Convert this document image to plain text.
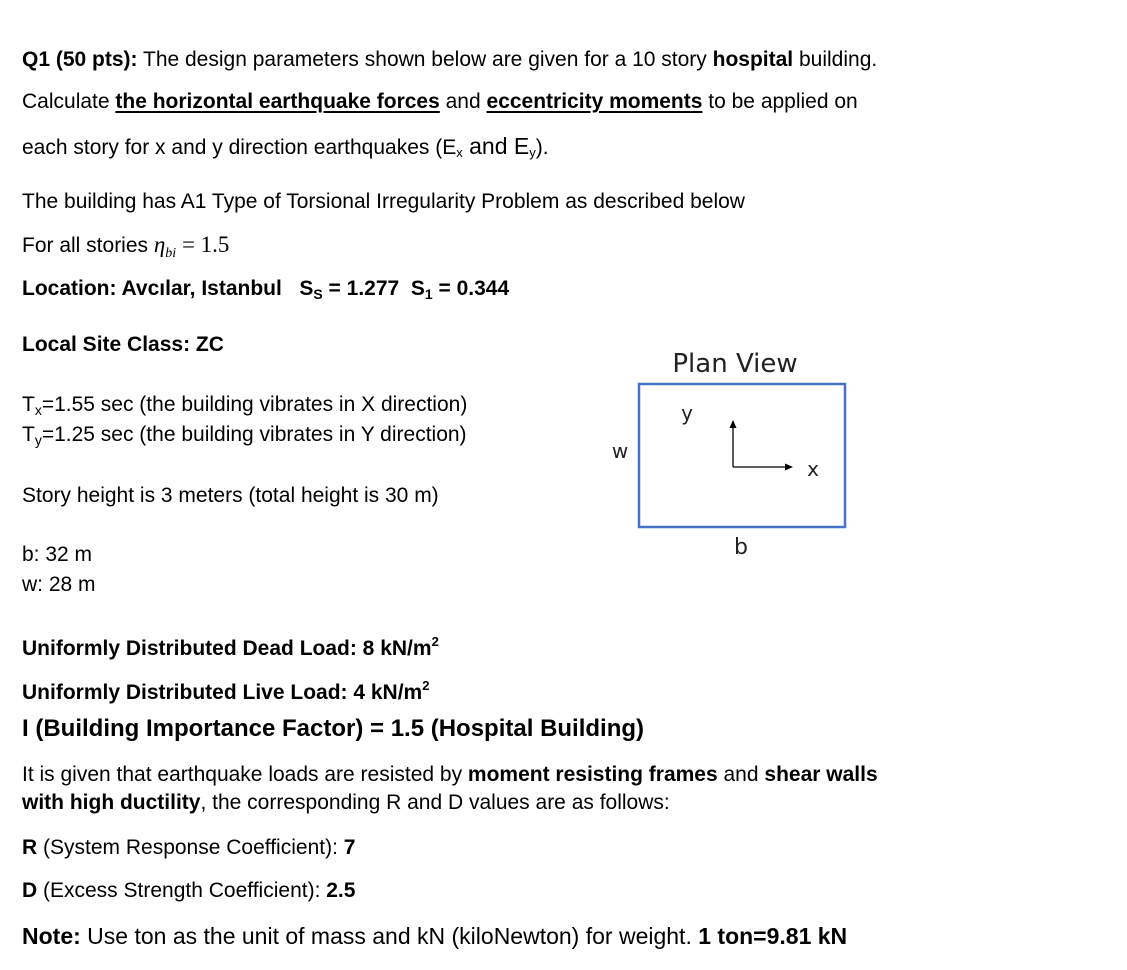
Q1 (50 pts): The design parameters shown below are given for a 10 story hospital building.
Calculate the horizontal earthquake forces and eccentricity moments to be applied on
each story for x and y direction earthquakes (Ex and Ey).
The building has A1 Type of Torsional Irregularity Problem as described below
For all stories $\eta_{bi} = 1.5$
Location: Avcılar, Istanbul $S_S = 1.277$ $S_1 = 0.344$
Local Site Class: ZC
$T_x=1.55$ sec (the building vibrates in X direction)
$T_y=1.25$ sec (the building vibrates in Y direction)
Story height is 3 meters (total height is 30 m)
b: 32 m
w: 28 m
Uniformly Distributed Dead Load: 8 $kN/m^2$
Uniformly Distributed Live Load: 4 $kN/m^2$
I (Building Importance Factor) = 1.5 (Hospital Building)
It is given that earthquake loads are resisted by moment resisting frames and shear walls
with high ductility, the corresponding R and D values are as follows:
R (System Response Coefficient): 7
D (Excess Strength Coefficient): 2.5
Note: Use ton as the unit of mass and kN (kiloNewton) for weight. 1 ton=9.81 kN
Plan View
y
x
w
b
